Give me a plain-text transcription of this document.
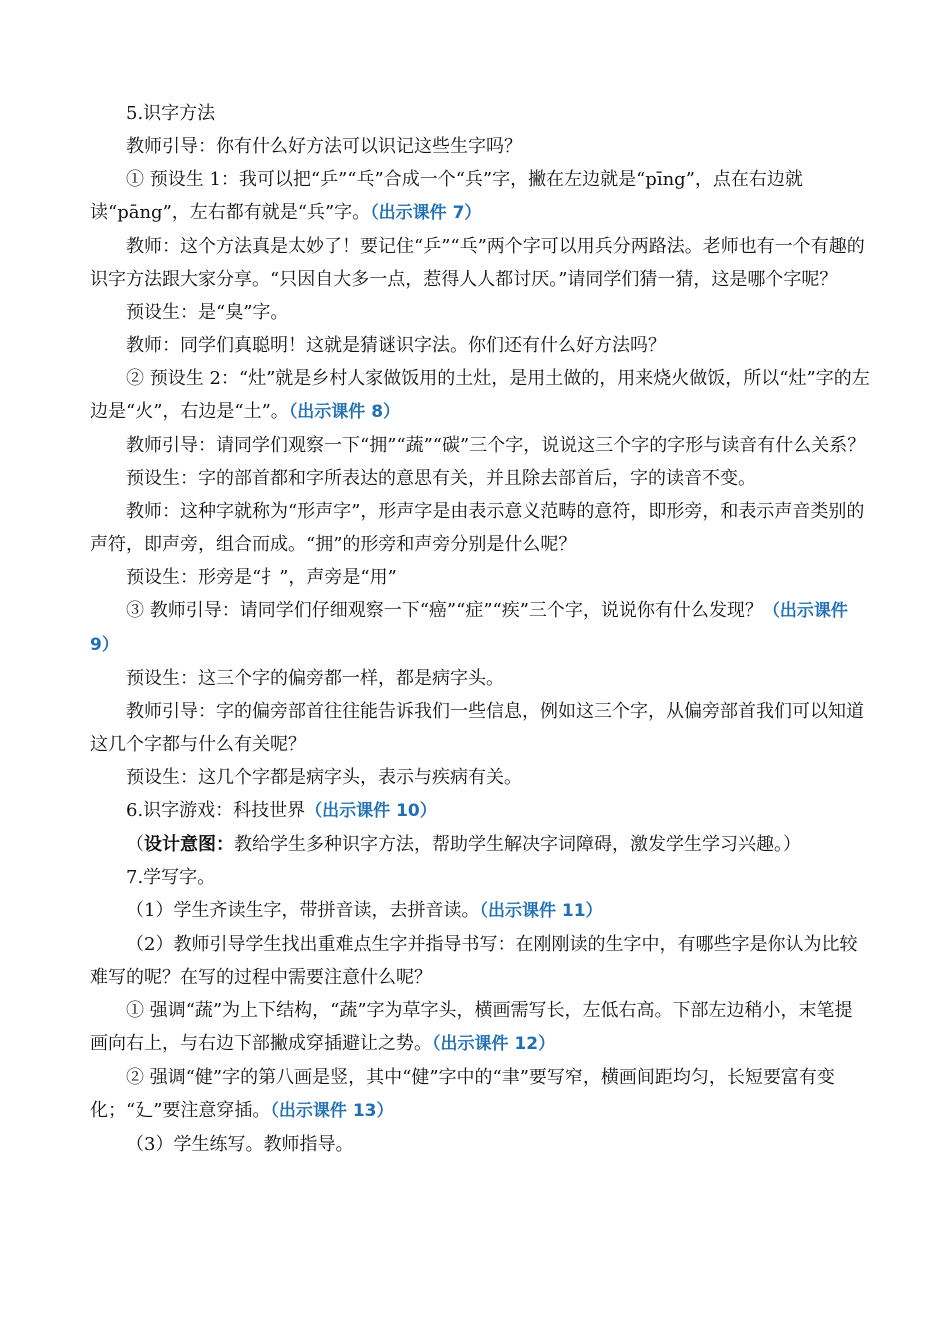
5.识字方法

教师引导：你有什么好方法可以识记这些生字吗？

① 预设生 1：我可以把“乒”“乓”合成一个“兵”字，撇在左边就是“pīng”，点在右边就读“pāng”，左右都有就是“兵”字。（出示课件 7）

教师：这个方法真是太妙了！要记住“乒”“乓”两个字可以用兵分两路法。老师也有一个有趣的识字方法跟大家分享。“只因自大多一点，惹得人人都讨厌。”请同学们猜一猜，这是哪个字呢？

预设生：是“臭”字。

教师：同学们真聪明！这就是猜谜识字法。你们还有什么好方法吗？

② 预设生 2：“灶”就是乡村人家做饭用的土灶，是用土做的，用来烧火做饭，所以“灶”字的左边是“火”，右边是“土”。（出示课件 8）

教师引导：请同学们观察一下“拥”“蔬”“碳”三个字，说说这三个字的字形与读音有什么关系？

预设生：字的部首都和字所表达的意思有关，并且除去部首后，字的读音不变。

教师：这种字就称为“形声字”，形声字是由表示意义范畴的意符，即形旁，和表示声音类别的声符，即声旁，组合而成。“拥”的形旁和声旁分别是什么呢？

预设生：形旁是“扌”，声旁是“用”

③ 教师引导：请同学们仔细观察一下“癌”“症”“疾”三个字，说说你有什么发现？（出示课件 9）

预设生：这三个字的偏旁都一样，都是病字头。

教师引导：字的偏旁部首往往能告诉我们一些信息，例如这三个字，从偏旁部首我们可以知道这几个字都与什么有关呢？

预设生：这几个字都是病字头，表示与疾病有关。

6.识字游戏：科技世界（出示课件 10）

（设计意图：教给学生多种识字方法，帮助学生解决字词障碍，激发学生学习兴趣。）

7.学写字。

（1）学生齐读生字，带拼音读，去拼音读。（出示课件 11）

（2）教师引导学生找出重难点生字并指导书写：在刚刚读的生字中，有哪些字是你认为比较难写的呢？在写的过程中需要注意什么呢？

① 强调“蔬”为上下结构，“蔬”字为草字头，横画需写长，左低右高。下部左边稍小，末笔提画向右上，与右边下部撇成穿插避让之势。（出示课件 12）

② 强调“健”字的第八画是竖，其中“健”字中的“聿”要写窄，横画间距均匀，长短要富有变化；“廴”要注意穿插。（出示课件 13）

（3）学生练写。教师指导。
